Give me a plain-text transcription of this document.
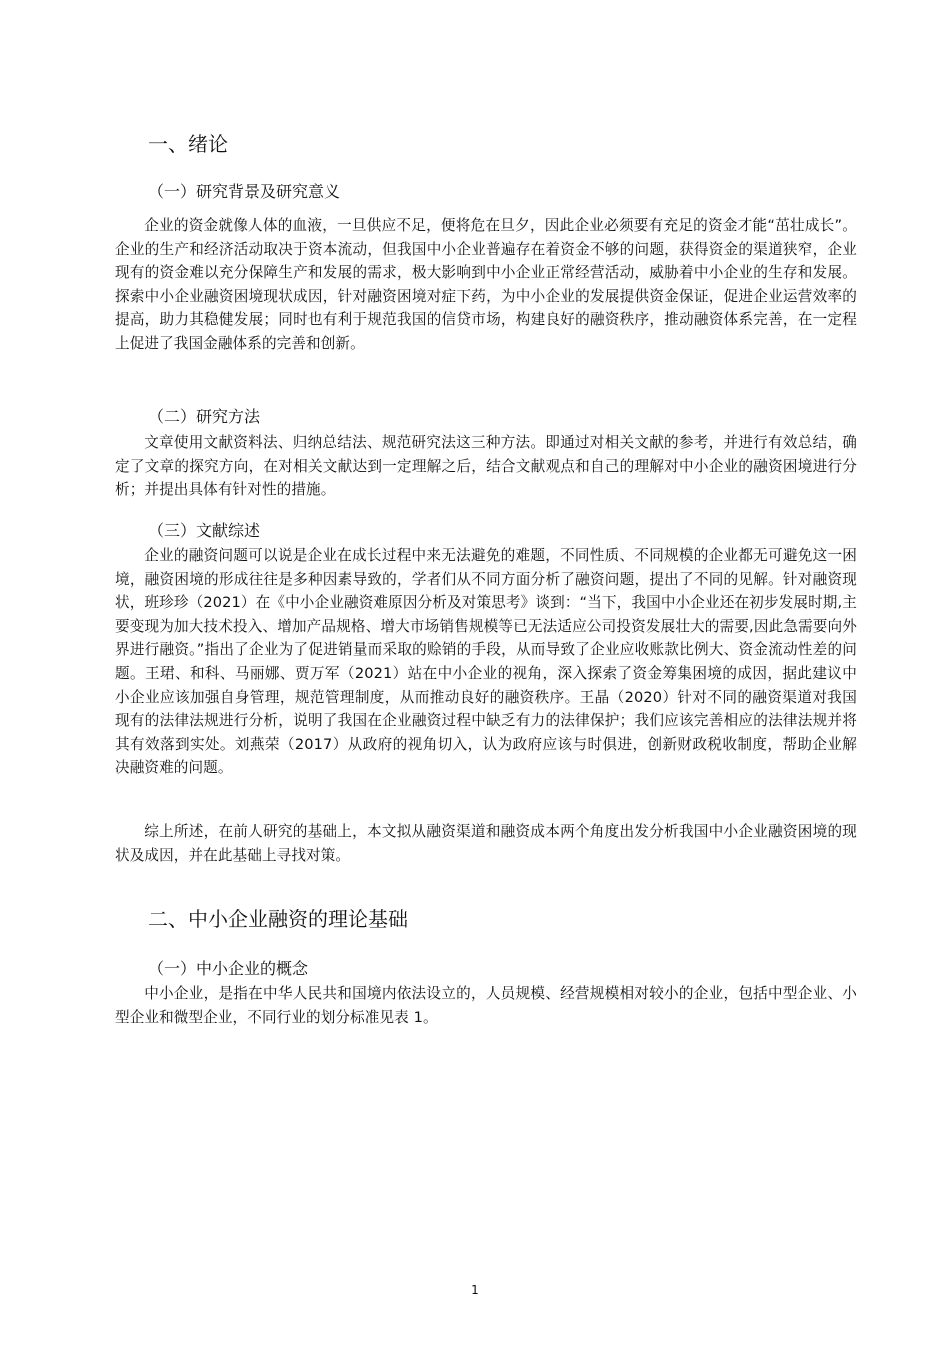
一、绪论
（一）研究背景及研究意义

企业的资金就像人体的血液，一旦供应不足，便将危在旦夕，因此企业必须要有充足的资金才能“茁壮成长”。企业的生产和经济活动取决于资本流动，但我国中小企业普遍存在着资金不够的问题，获得资金的渠道狭窄，企业现有的资金难以充分保障生产和发展的需求，极大影响到中小企业正常经营活动，威胁着中小企业的生存和发展。探索中小企业融资困境现状成因，针对融资困境对症下药，为中小企业的发展提供资金保证，促进企业运营效率的提高，助力其稳健发展；同时也有利于规范我国的信贷市场，构建良好的融资秩序，推动融资体系完善，在一定程上促进了我国金融体系的完善和创新。

（二）研究方法

文章使用文献资料法、归纳总结法、规范研究法这三种方法。即通过对相关文献的参考，并进行有效总结，确定了文章的探究方向，在对相关文献达到一定理解之后，结合文献观点和自己的理解对中小企业的融资困境进行分析；并提出具体有针对性的措施。

（三）文献综述

企业的融资问题可以说是企业在成长过程中来无法避免的难题，不同性质、不同规模的企业都无可避免这一困境，融资困境的形成往往是多种因素导致的，学者们从不同方面分析了融资问题，提出了不同的见解。针对融资现状，班珍珍（2021）在《中小企业融资难原因分析及对策思考》谈到：“当下，我国中小企业还在初步发展时期,主要变现为加大技术投入、增加产品规格、增大市场销售规模等已无法适应公司投资发展壮大的需要,因此急需要向外界进行融资。”指出了企业为了促进销量而采取的赊销的手段，从而导致了企业应收账款比例大、资金流动性差的问题。王珺、和科、马丽娜、贾万军（2021）站在中小企业的视角，深入探索了资金筹集困境的成因，据此建议中小企业应该加强自身管理，规范管理制度，从而推动良好的融资秩序。王晶（2020）针对不同的融资渠道对我国现有的法律法规进行分析，说明了我国在企业融资过程中缺乏有力的法律保护；我们应该完善相应的法律法规并将其有效落到实处。刘燕荣（2017）从政府的视角切入，认为政府应该与时俱进，创新财政税收制度，帮助企业解决融资难的问题。

综上所述，在前人研究的基础上，本文拟从融资渠道和融资成本两个角度出发分析我国中小企业融资困境的现状及成因，并在此基础上寻找对策。

二、中小企业融资的理论基础
（一）中小企业的概念

中小企业，是指在中华人民共和国境内依法设立的，人员规模、经营规模相对较小的企业，包括中型企业、小型企业和微型企业，不同行业的划分标准见表 1。

1
